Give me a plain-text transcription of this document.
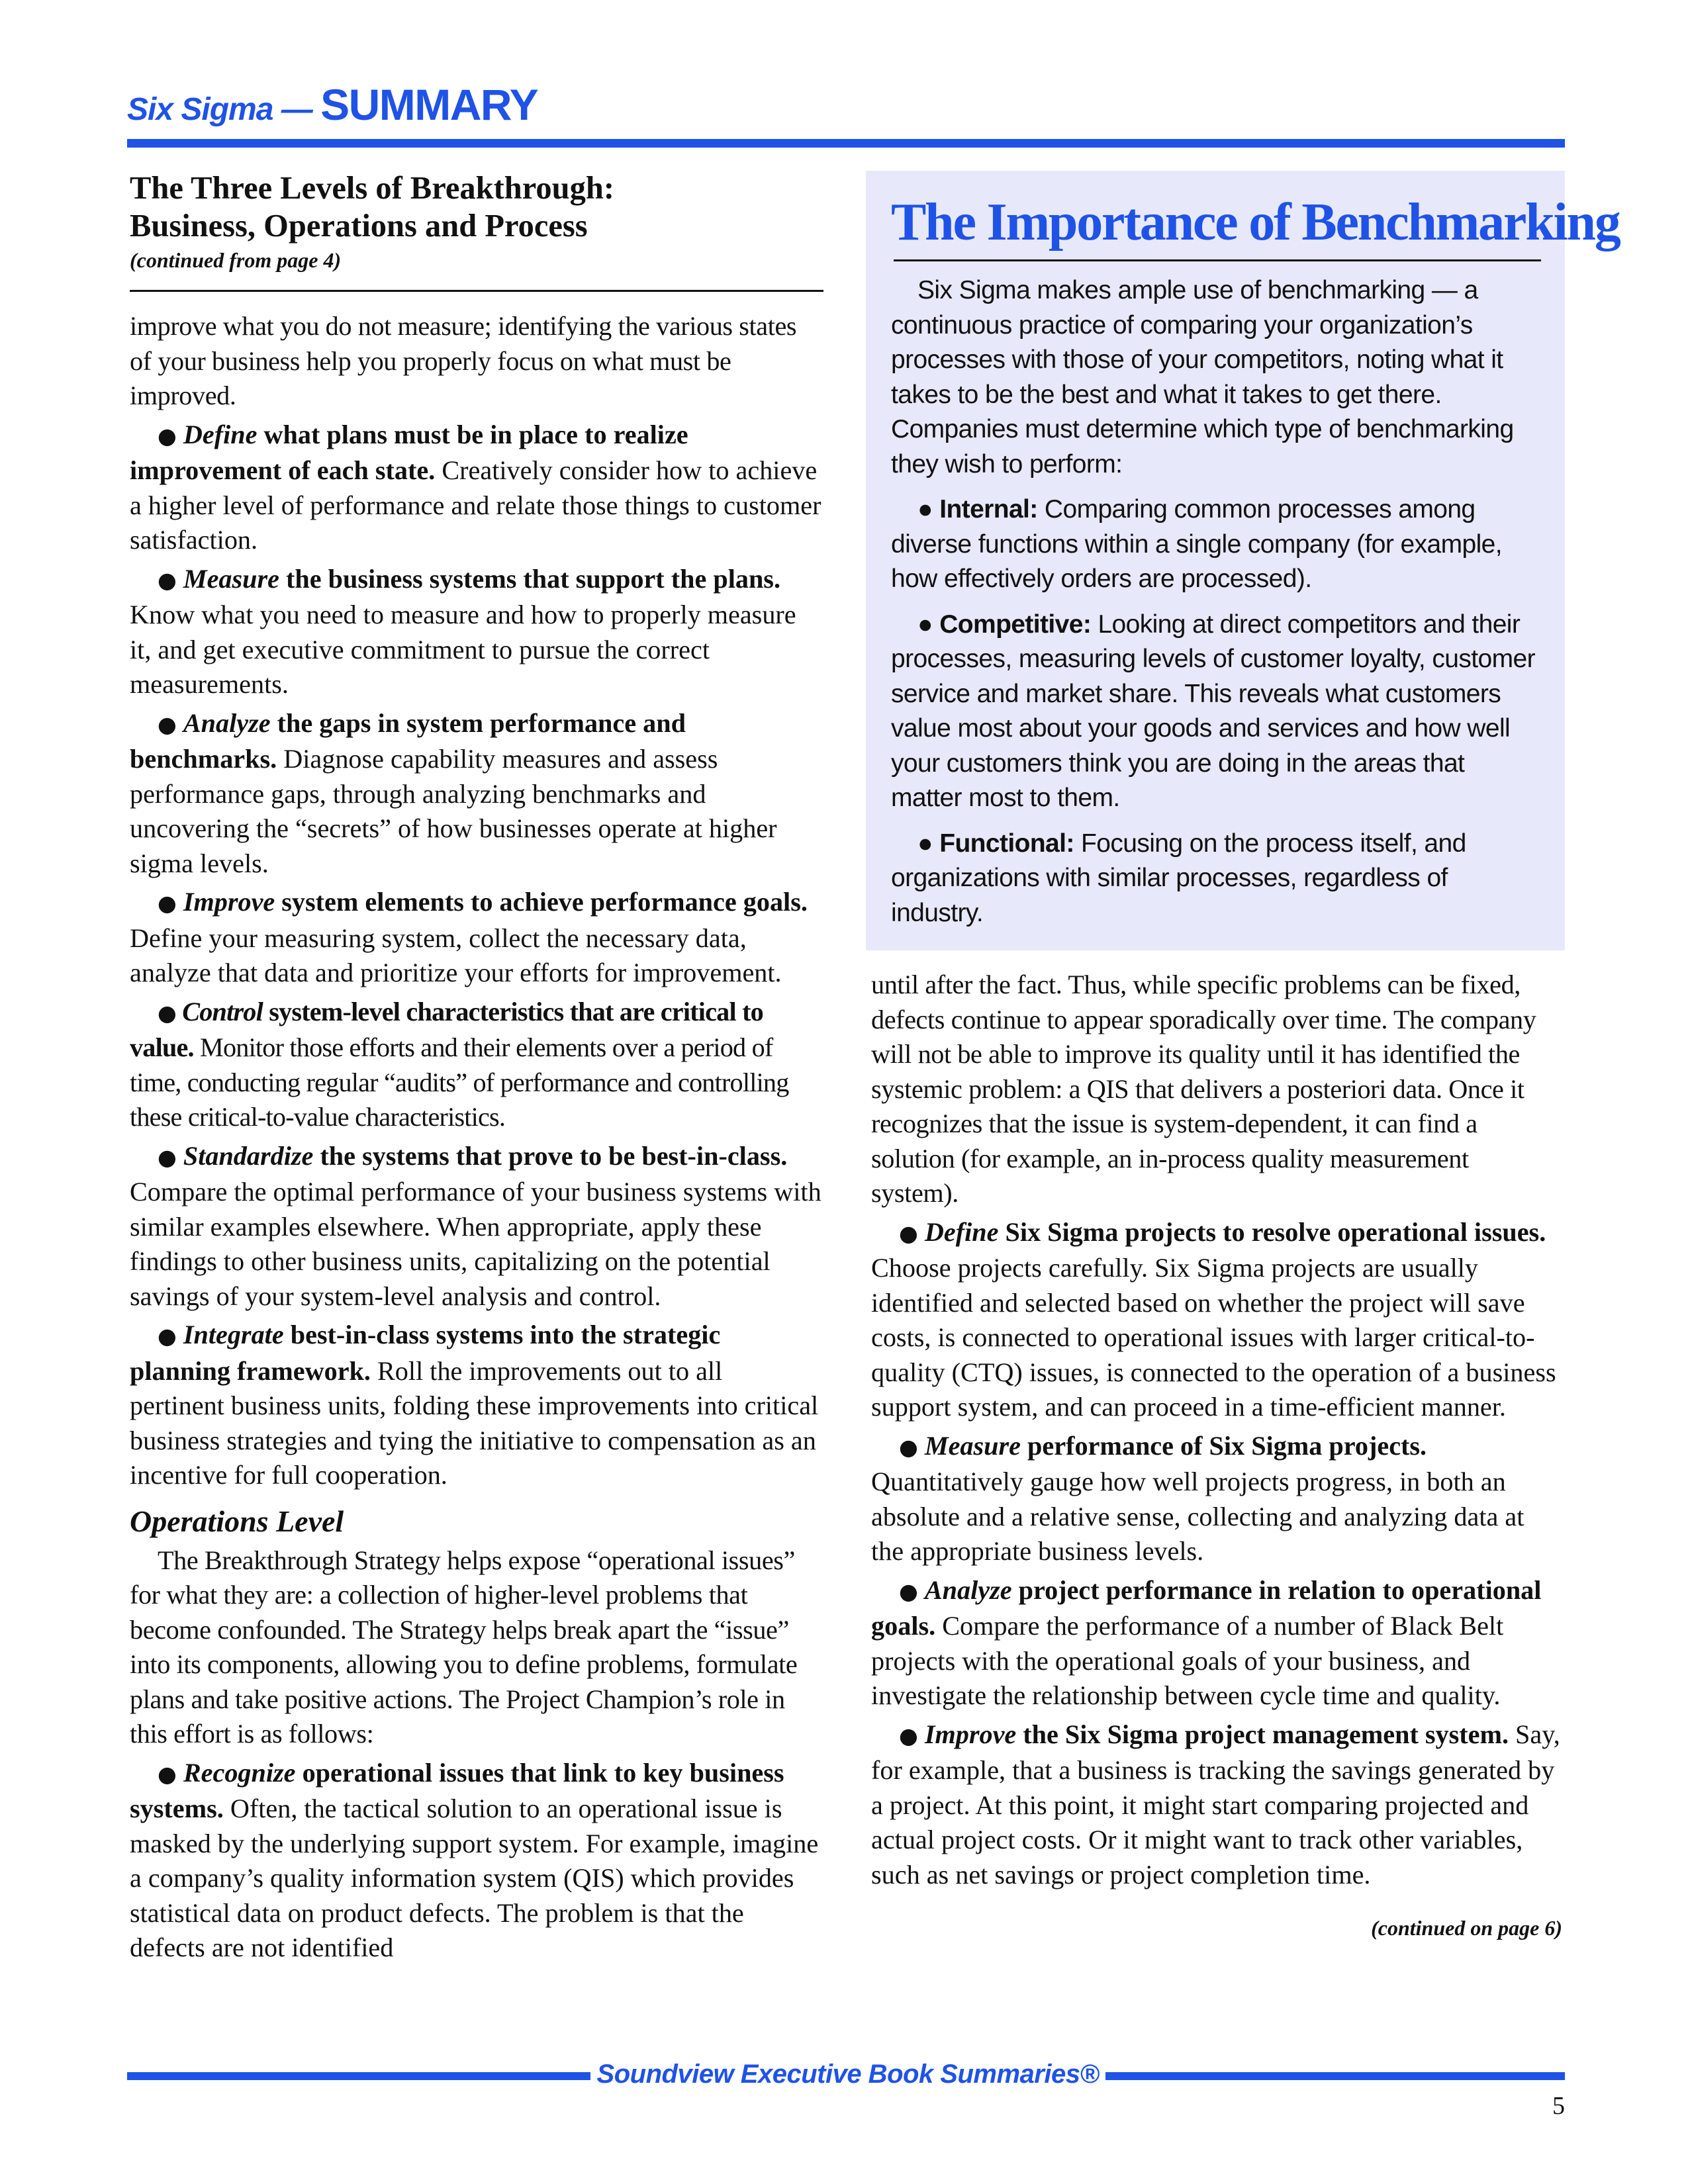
Six Sigma — SUMMARY
The Three Levels of Breakthrough:
Business, Operations and Process
(continued from page 4)

improve what you do not measure; identifying the various states of your business help you properly focus on what must be improved.

● Define what plans must be in place to realize improvement of each state. Creatively consider how to achieve a higher level of performance and relate those things to customer satisfaction.

● Measure the business systems that support the plans. Know what you need to measure and how to properly measure it, and get executive commitment to pursue the correct measurements.

● Analyze the gaps in system performance and benchmarks. Diagnose capability measures and assess performance gaps, through analyzing benchmarks and uncovering the “secrets” of how businesses operate at higher sigma levels.

● Improve system elements to achieve performance goals. Define your measuring system, collect the necessary data, analyze that data and prioritize your efforts for improvement.

● Control system-level characteristics that are critical to value. Monitor those efforts and their elements over a period of time, conducting regular “audits” of performance and controlling these critical-to-value characteristics.

● Standardize the systems that prove to be best-in-class. Compare the optimal performance of your business systems with similar examples elsewhere. When appropriate, apply these findings to other business units, capitalizing on the potential savings of your system-level analysis and control.

● Integrate best-in-class systems into the strategic planning framework. Roll the improvements out to all pertinent business units, folding these improvements into critical business strategies and tying the initiative to compensation as an incentive for full cooperation.

Operations Level

The Breakthrough Strategy helps expose “operational issues” for what they are: a collection of higher-level problems that become confounded. The Strategy helps break apart the “issue” into its components, allowing you to define problems, formulate plans and take positive actions. The Project Champion’s role in this effort is as follows:

● Recognize operational issues that link to key business systems. Often, the tactical solution to an operational issue is masked by the underlying support system. For example, imagine a company’s quality information system (QIS) which provides statistical data on product defects. The problem is that the defects are not identified

The Importance of Benchmarking

Six Sigma makes ample use of benchmarking — a continuous practice of comparing your organization’s processes with those of your competitors, noting what it takes to be the best and what it takes to get there. Companies must determine which type of benchmarking they wish to perform:

● Internal: Comparing common processes among diverse functions within a single company (for example, how effectively orders are processed).

● Competitive: Looking at direct competitors and their processes, measuring levels of customer loyalty, customer service and market share. This reveals what customers value most about your goods and services and how well your customers think you are doing in the areas that matter most to them.

● Functional: Focusing on the process itself, and organizations with similar processes, regardless of industry.

until after the fact. Thus, while specific problems can be fixed, defects continue to appear sporadically over time. The company will not be able to improve its quality until it has identified the systemic problem: a QIS that delivers a posteriori data. Once it recognizes that the issue is system-dependent, it can find a solution (for example, an in-process quality measurement system).

● Define Six Sigma projects to resolve operational issues. Choose projects carefully. Six Sigma projects are usually identified and selected based on whether the project will save costs, is connected to operational issues with larger critical-to-quality (CTQ) issues, is connected to the operation of a business support system, and can proceed in a time-efficient manner.

● Measure performance of Six Sigma projects. Quantitatively gauge how well projects progress, in both an absolute and a relative sense, collecting and analyzing data at the appropriate business levels.

● Analyze project performance in relation to operational goals. Compare the performance of a number of Black Belt projects with the operational goals of your business, and investigate the relationship between cycle time and quality.

● Improve the Six Sigma project management system. Say, for example, that a business is tracking the savings generated by a project. At this point, it might start comparing projected and actual project costs. Or it might want to track other variables, such as net savings or project completion time.

(continued on page 6)
Soundview Executive Book Summaries®
5
